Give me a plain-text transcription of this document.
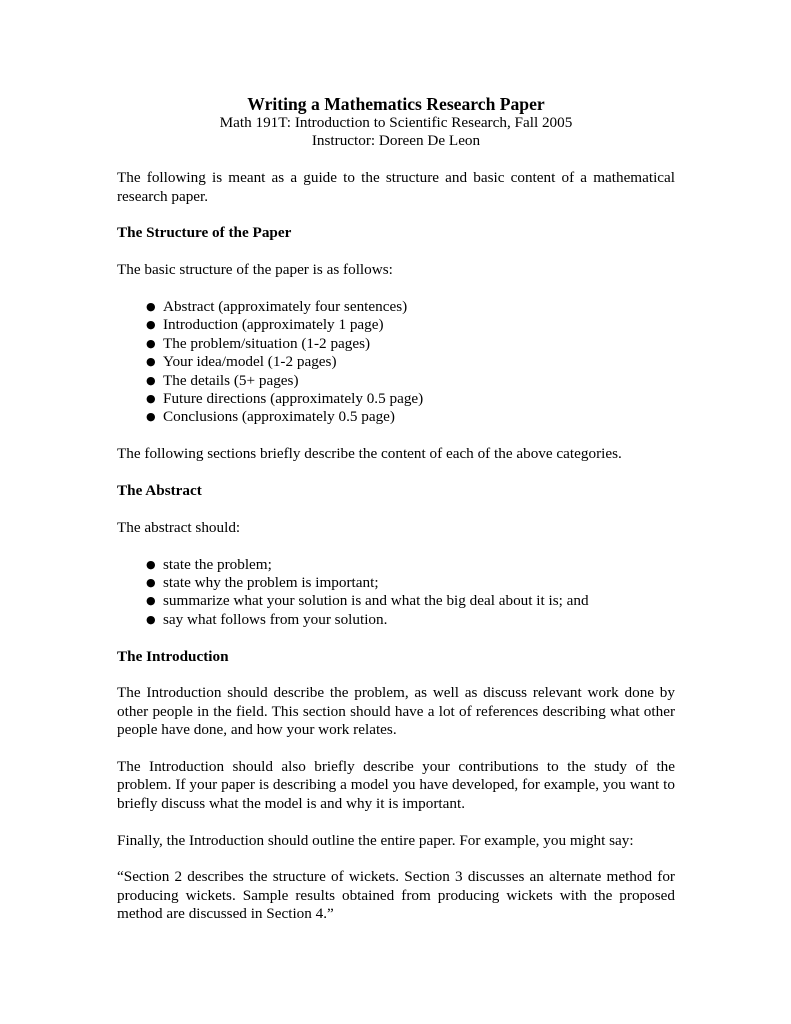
Writing a Mathematics Research Paper
Math 191T: Introduction to Scientific Research, Fall 2005
Instructor: Doreen De Leon

The following is meant as a guide to the structure and basic content of a mathematical research paper.

The Structure of the Paper

The basic structure of the paper is as follows:

● Abstract (approximately four sentences)
● Introduction (approximately 1 page)
● The problem/situation (1-2 pages)
● Your idea/model (1-2 pages)
● The details (5+ pages)
● Future directions (approximately 0.5 page)
● Conclusions (approximately 0.5 page)

The following sections briefly describe the content of each of the above categories.

The Abstract

The abstract should:

● state the problem;
● state why the problem is important;
● summarize what your solution is and what the big deal about it is; and
● say what follows from your solution.
The Introduction

The Introduction should describe the problem, as well as discuss relevant work done by other people in the field. This section should have a lot of references describing what other people have done, and how your work relates.

The Introduction should also briefly describe your contributions to the study of the problem. If your paper is describing a model you have developed, for example, you want to briefly discuss what the model is and why it is important.

Finally, the Introduction should outline the entire paper. For example, you might say:

“Section 2 describes the structure of wickets. Section 3 discusses an alternate method for producing wickets. Sample results obtained from producing wickets with the proposed method are discussed in Section 4.”
